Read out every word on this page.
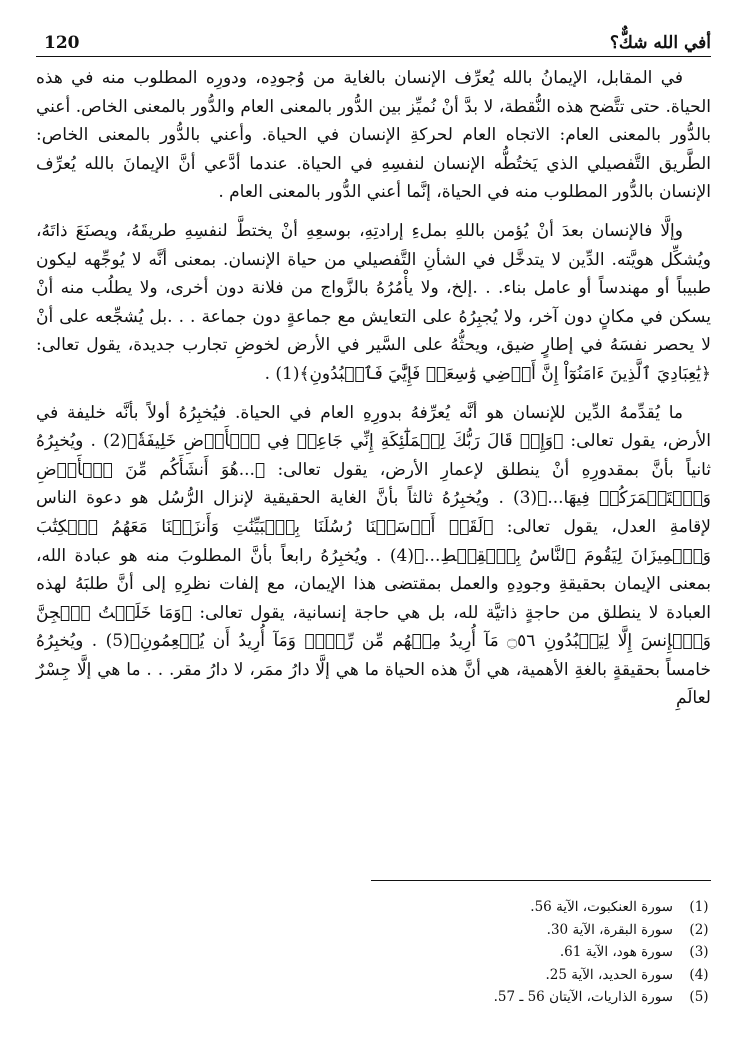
120	أفي الله شكٌّ؟

في المقابل، الإيمانُ بالله يُعرِّف الإنسان بالغاية من وُجودِه، ودورِه المطلوب منه في هذه الحياة. حتى تتَّضح هذه النُّقطة، لا بدَّ أنْ نُميِّز بين الدُّور بالمعنى العام والدُّور بالمعنى الخاص. أعني بالدُّور بالمعنى العام: الاتجاه العام لحركةِ الإنسان في الحياة. وأعني بالدُّور بالمعنى الخاص: الطَّريق التَّفصيلي الذي يَختُطُّه الإنسان لنفسِهِ في الحياة. عندما أدَّعي أنَّ الإيمانَ بالله يُعرِّف الإنسان بالدُّور المطلوب منه في الحياة، إنَّما أعني الدُّور بالمعنى العام .

وإلَّا فالإنسان بعدَ أنْ يُؤمن باللهِ بملءِ إرادتِهِ، بوسعِهِ أنْ يختطَّ لنفسِهِ طريقَهُ، ويصنَعَ ذاتَهُ، ويُشكِّل هويَّته. الدِّين لا يتدخَّل في الشأنِ التَّفصيلي من حياة الإنسان. بمعنى أنَّه لا يُوجِّهه ليكون طبيباً أو مهندساً أو عامل بناء. . .إلخ، ولا يأْمُرُهُ بالزَّواج من فلانة دون أخرى، ولا يطلُب منه أنْ يسكن في مكانٍ دون آخر، ولا يُجبِرُهُ على التعايش مع جماعةٍ دون جماعة . . .بل يُشجِّعه على أنْ لا يحصر نفسَهُ في إطارٍ ضيق، ويحثُّهُ على السَّير في الأرض لخوضِ تجارب جديدة، يقول تعالى: ﴿يَٰعِبَادِيَ ٱلَّذِينَ ءَامَنُوٓاْ إِنَّ أَرۡضِي وَٰسِعَةٞ فَإِيَّٰيَ فَٱعۡبُدُونِ﴾(1) .

ما يُقدِّمهُ الدِّين للإنسان هو أنَّه يُعرِّفهُ بدورِهِ العام في الحياة. فيُخبِرُهُ أولاً بأنَّه خليفة في الأرض، يقول تعالى: ﴿وَإِذۡ قَالَ رَبُّكَ لِلۡمَلَٰٓئِكَةِ إِنِّي جَاعِلٞ فِي ٱلۡأَرۡضِ خَلِيفَةٗ﴾(2) . ويُخبِرُهُ ثانياً بأنَّ بمقدورِهِ أنْ ينطلق لإعمارِ الأرض، يقول تعالى: ﴿...هُوَ أَنشَأَكُم مِّنَ ٱلۡأَرۡضِ وَٱسۡتَعۡمَرَكُمۡ فِيهَا...﴾(3) . ويُخبِرُهُ ثالثاً بأنَّ الغاية الحقيقية لإنزال الرُّسُل هو دعوة الناس لإقامةِ العدل، يقول تعالى: ﴿لَقَدۡ أَرۡسَلۡنَا رُسُلَنَا بِٱلۡبَيِّنَٰتِ وَأَنزَلۡنَا مَعَهُمُ ٱلۡكِتَٰبَ وَٱلۡمِيزَانَ لِيَقُومَ ٱلنَّاسُ بِٱلۡقِسۡطِ...﴾(4) . ويُخبِرُهُ رابعاً بأنَّ المطلوبَ منه هو عبادة الله، بمعنى الإيمان بحقيقةِ وجودِهِ والعمل بمقتضى هذا الإيمان، مع إلفات نظرِهِ إلى أنَّ طلبَهُ لهذه العبادة لا ينطلق من حاجةٍ ذاتيَّة لله، بل هي حاجة إنسانية، يقول تعالى: ﴿وَمَا خَلَقۡتُ ٱلۡجِنَّ وَٱلۡإِنسَ إِلَّا لِيَعۡبُدُونِ ۝٥٦ مَآ أُرِيدُ مِنۡهُم مِّن رِّزۡقٖ وَمَآ أُرِيدُ أَن يُطۡعِمُونِ﴾(5) . ويُخبِرُهُ خامساً بحقيقةٍ بالغةِ الأهمية، هي أنَّ هذه الحياة ما هي إلَّا دارُ ممَر، لا دارُ مقر. . . ما هي إلَّا جِسْرٌ لعالَمِ

(1)
سورة العنكبوت، الآية 56.
(2)
سورة البقرة، الآية 30.
(3)
سورة هود، الآية 61.
(4)
سورة الحديد، الآية 25.
(5)
سورة الذاريات، الآيتان 56 ـ 57.
